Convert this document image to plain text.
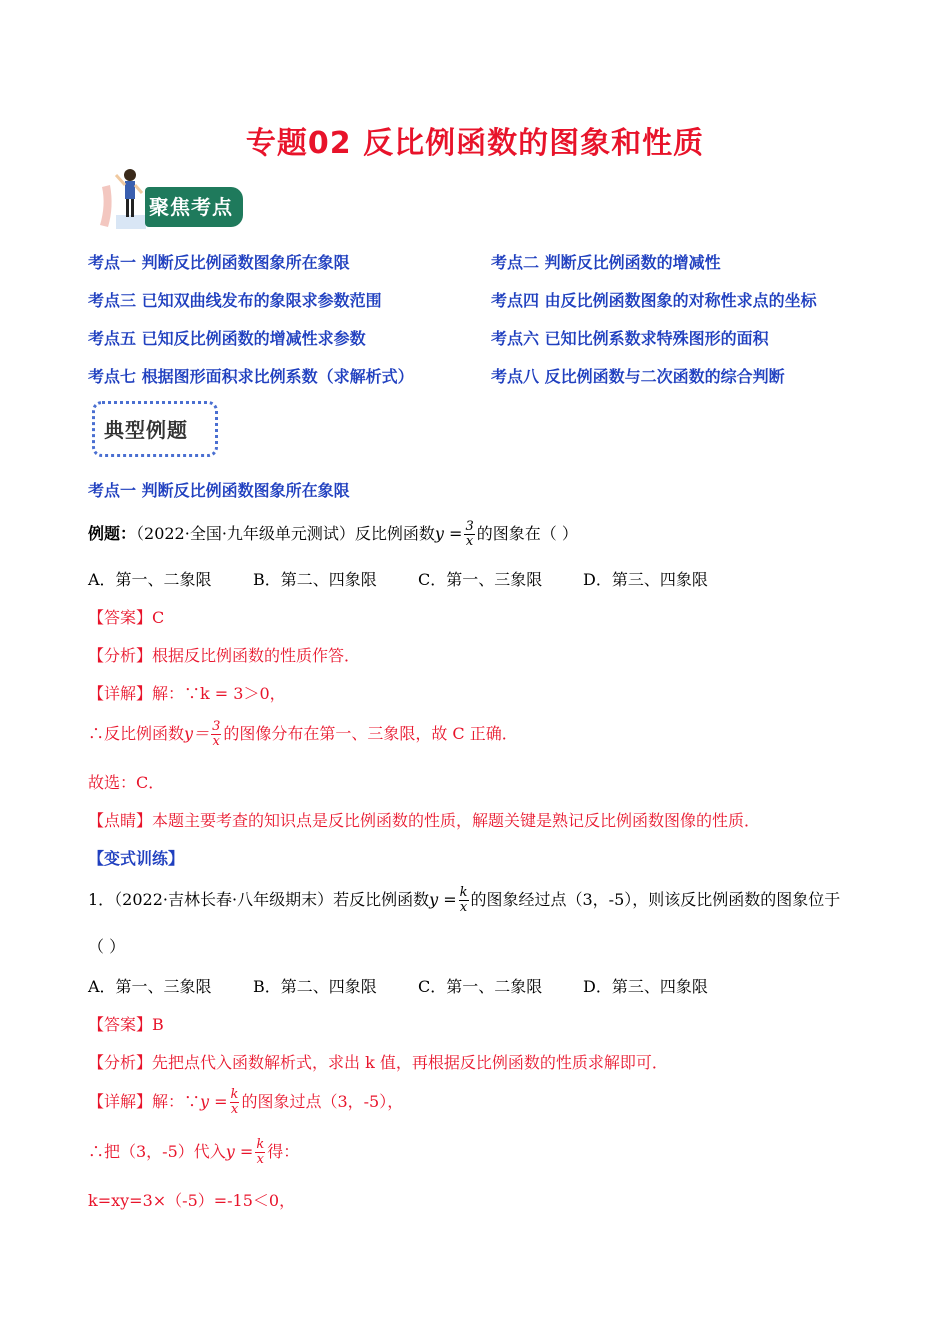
专题02 反比例函数的图象和性质
聚焦考点
考点一 判断反比例函数图象所在象限	考点二 判断反比例函数的增减性
考点三 已知双曲线发布的象限求参数范围	考点四 由反比例函数图象的对称性求点的坐标
考点五 已知反比例函数的增减性求参数	考点六 已知比例系数求特殊图形的面积
考点七 根据图形面积求比例系数（求解析式）	考点八 反比例函数与二次函数的综合判断
典型例题
考点一 判断反比例函数图象所在象限
例题：（2022·全国·九年级单元测试）反比例函数$y = \frac{3}{x}$ 的图象在（ ）
A．第一、二象限	B．第二、四象限	C．第一、三象限	D．第三、四象限
【答案】C
【分析】根据反比例函数的性质作答．
【详解】解：∵k = 3＞0，
∴反比例函数$y= \frac{3}{x}$ 的图像分布在第一、三象限，故 C 正确．
故选：C．
【点睛】本题主要考查的知识点是反比例函数的性质，解题关键是熟记反比例函数图像的性质．
【变式训练】
1．（2022·吉林长春·八年级期末）若反比例函数$y = \frac{k}{x}$ 的图象经过点（3，-5），则该反比例函数的图象位于
（ ）
A．第一、三象限	B．第二、四象限	C．第一、二象限	D．第三、四象限
【答案】B
【分析】先把点代入函数解析式，求出 k 值，再根据反比例函数的性质求解即可．
【详解】解：∵y = $\frac{k}{x}$ 的图象过点（3，-5），
∴把（3，-5）代入$y = \frac{k}{x}$ 得：
k=xy=3×（-5）=-15＜0，
